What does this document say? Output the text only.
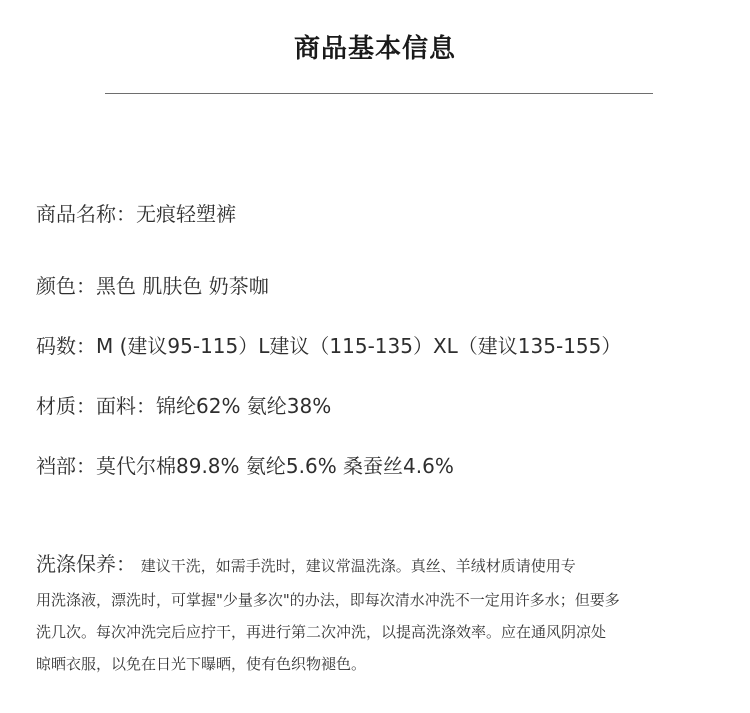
商品基本信息
商品名称：无痕轻塑裤
颜色：黑色 肌肤色 奶茶咖
码数：M (建议95-115）L建议（115-135）XL（建议135-155）
材质：面料：锦纶62% 氨纶38%
裆部：莫代尔棉89.8% 氨纶5.6% 桑蚕丝4.6%
洗涤保养： 建议干洗，如需手洗时，建议常温洗涤。真丝、羊绒材质请使用专
用洗涤液，漂洗时，可掌握"少量多次"的办法，即每次清水冲洗不一定用许多水；但要多
洗几次。每次冲洗完后应拧干，再进行第二次冲洗，以提高洗涤效率。应在通风阴凉处
晾晒衣服，以免在日光下曝晒，使有色织物褪色。
